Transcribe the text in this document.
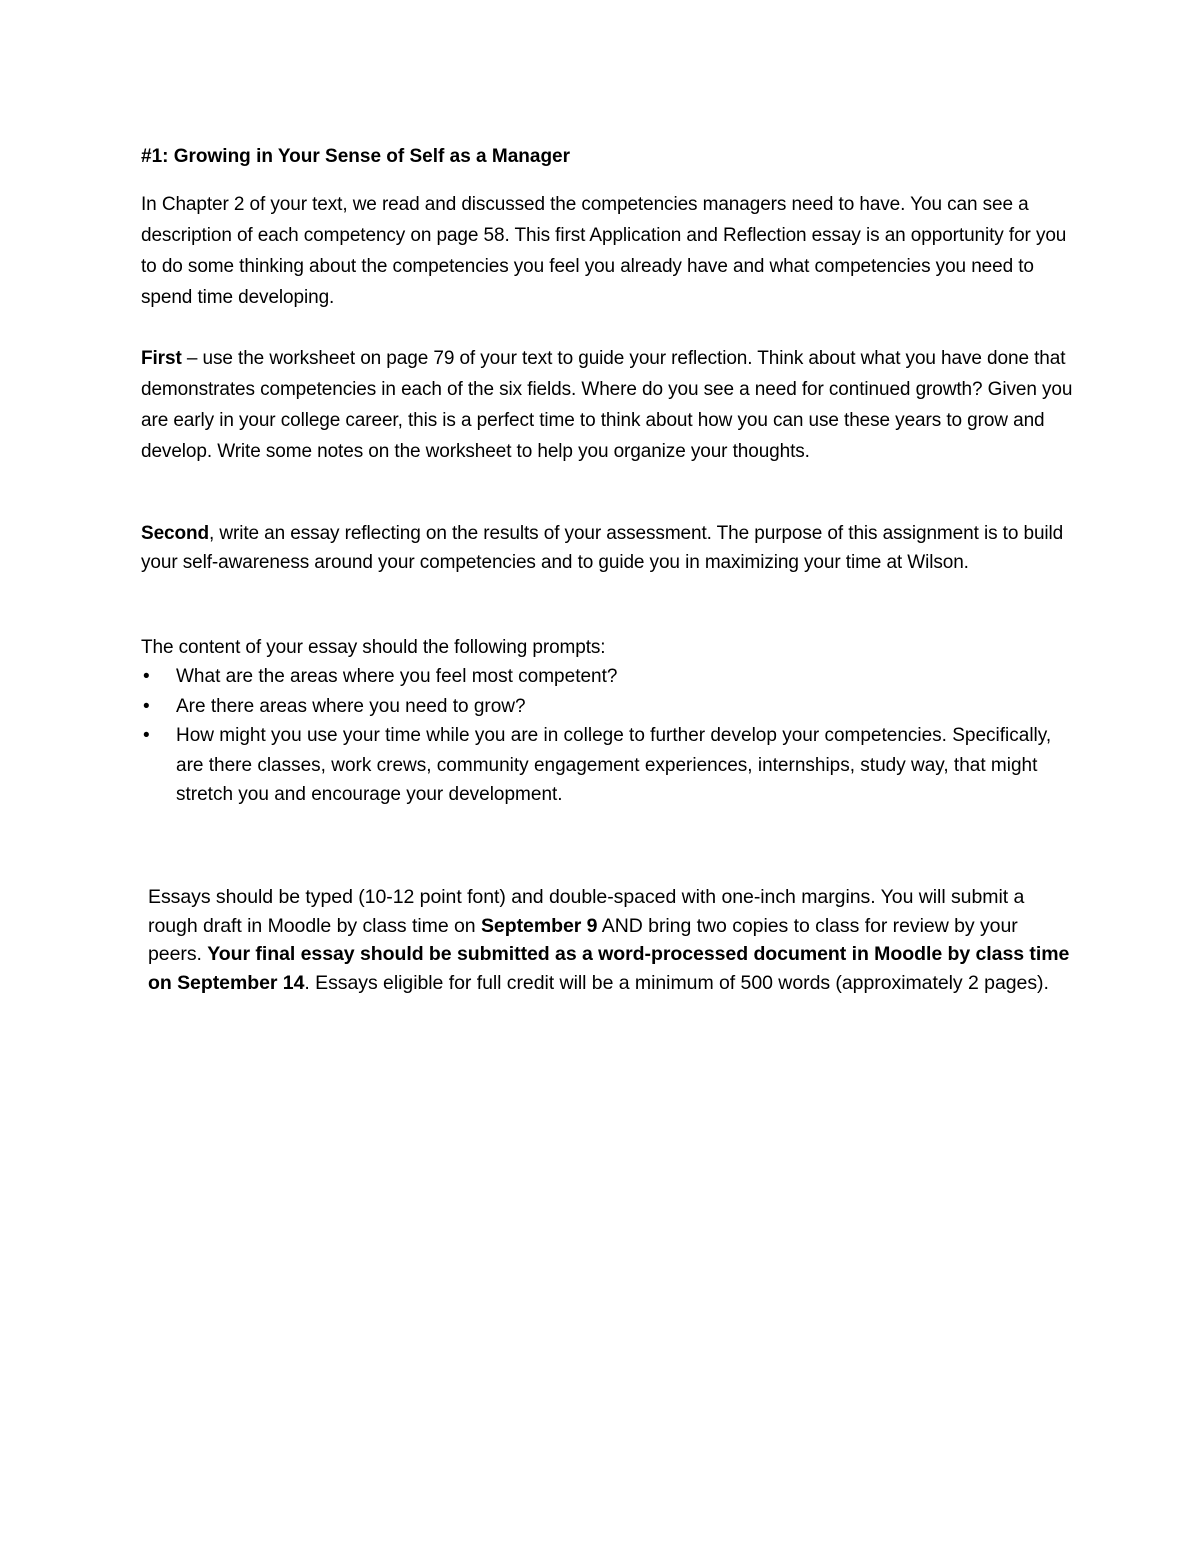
#1: Growing in Your Sense of Self as a Manager
In Chapter 2 of your text, we read and discussed the competencies managers need to have. You can see a description of each competency on page 58. This first Application and Reflection essay is an opportunity for you to do some thinking about the competencies you feel you already have and what competencies you need to spend time developing.
First – use the worksheet on page 79 of your text to guide your reflection. Think about what you have done that demonstrates competencies in each of the six fields. Where do you see a need for continued growth? Given you are early in your college career, this is a perfect time to think about how you can use these years to grow and develop. Write some notes on the worksheet to help you organize your thoughts.
Second, write an essay reflecting on the results of your assessment. The purpose of this assignment is to build your self-awareness around your competencies and to guide you in maximizing your time at Wilson.
The content of your essay should the following prompts:
•	What are the areas where you feel most competent?
•	Are there areas where you need to grow?
•	How might you use your time while you are in college to further develop your competencies. Specifically, are there classes, work crews, community engagement experiences, internships, study way, that might stretch you and encourage your development.
Essays should be typed (10-12 point font) and double-spaced with one-inch margins. You will submit a rough draft in Moodle by class time on September 9 AND bring two copies to class for review by your peers. Your final essay should be submitted as a word-processed document in Moodle by class time on September 14. Essays eligible for full credit will be a minimum of 500 words (approximately 2 pages).
